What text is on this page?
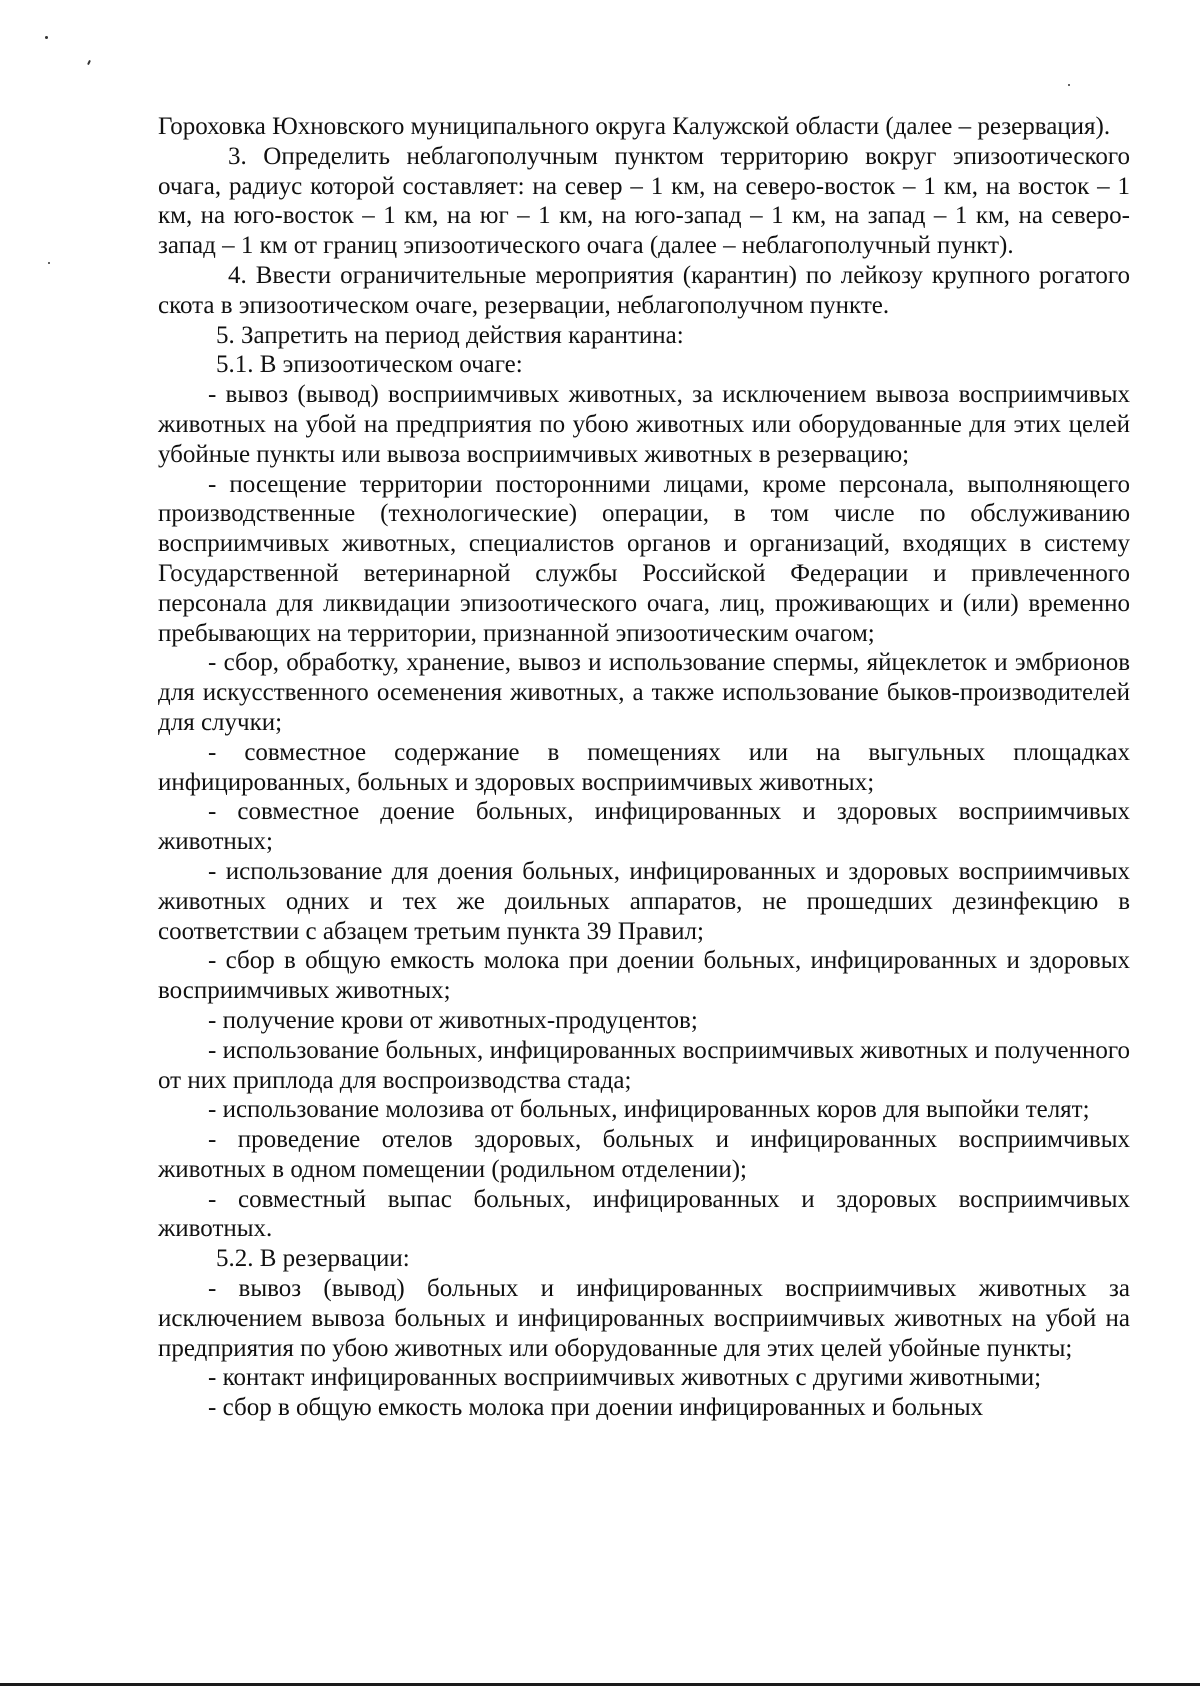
Гороховка Юхновского муниципального округа Калужской области (далее – резервация).

3. Определить неблагополучным пунктом территорию вокруг эпизоотического очага, радиус которой составляет: на север – 1 км, на северо-восток – 1 км, на восток – 1 км, на юго-восток – 1 км, на юг – 1 км, на юго-запад – 1 км, на запад – 1 км, на северо-запад – 1 км от границ эпизоотического очага (далее – неблагополучный пункт).

4. Ввести ограничительные мероприятия (карантин) по лейкозу крупного рогатого скота в эпизоотическом очаге, резервации, неблагополучном пункте.

5. Запретить на период действия карантина:

5.1. В эпизоотическом очаге:

- вывоз (вывод) восприимчивых животных, за исключением вывоза восприимчивых животных на убой на предприятия по убою животных или оборудованные для этих целей убойные пункты или вывоза восприимчивых животных в резервацию;

- посещение территории посторонними лицами, кроме персонала, выполняющего производственные (технологические) операции, в том числе по обслуживанию восприимчивых животных, специалистов органов и организаций, входящих в систему Государственной ветеринарной службы Российской Федерации и привлеченного персонала для ликвидации эпизоотического очага, лиц, проживающих и (или) временно пребывающих на территории, признанной эпизоотическим очагом;

- сбор, обработку, хранение, вывоз и использование спермы, яйцеклеток и эмбрионов для искусственного осеменения животных, а также использование быков-производителей для случки;

- совместное содержание в помещениях или на выгульных площадках инфицированных, больных и здоровых восприимчивых животных;

- совместное доение больных, инфицированных и здоровых восприимчивых животных;

- использование для доения больных, инфицированных и здоровых восприимчивых животных одних и тех же доильных аппаратов, не прошедших дезинфекцию в соответствии с абзацем третьим пункта 39 Правил;

- сбор в общую емкость молока при доении больных, инфицированных и здоровых восприимчивых животных;

- получение крови от животных-продуцентов;

- использование больных, инфицированных восприимчивых животных и полученного от них приплода для воспроизводства стада;

- использование молозива от больных, инфицированных коров для выпойки телят;

- проведение отелов здоровых, больных и инфицированных восприимчивых животных в одном помещении (родильном отделении);

- совместный выпас больных, инфицированных и здоровых восприимчивых животных.

5.2. В резервации:

- вывоз (вывод) больных и инфицированных восприимчивых животных за исключением вывоза больных и инфицированных восприимчивых животных на убой на предприятия по убою животных или оборудованные для этих целей убойные пункты;

- контакт инфицированных восприимчивых животных с другими животными;

- сбор в общую емкость молока при доении инфицированных и больных
